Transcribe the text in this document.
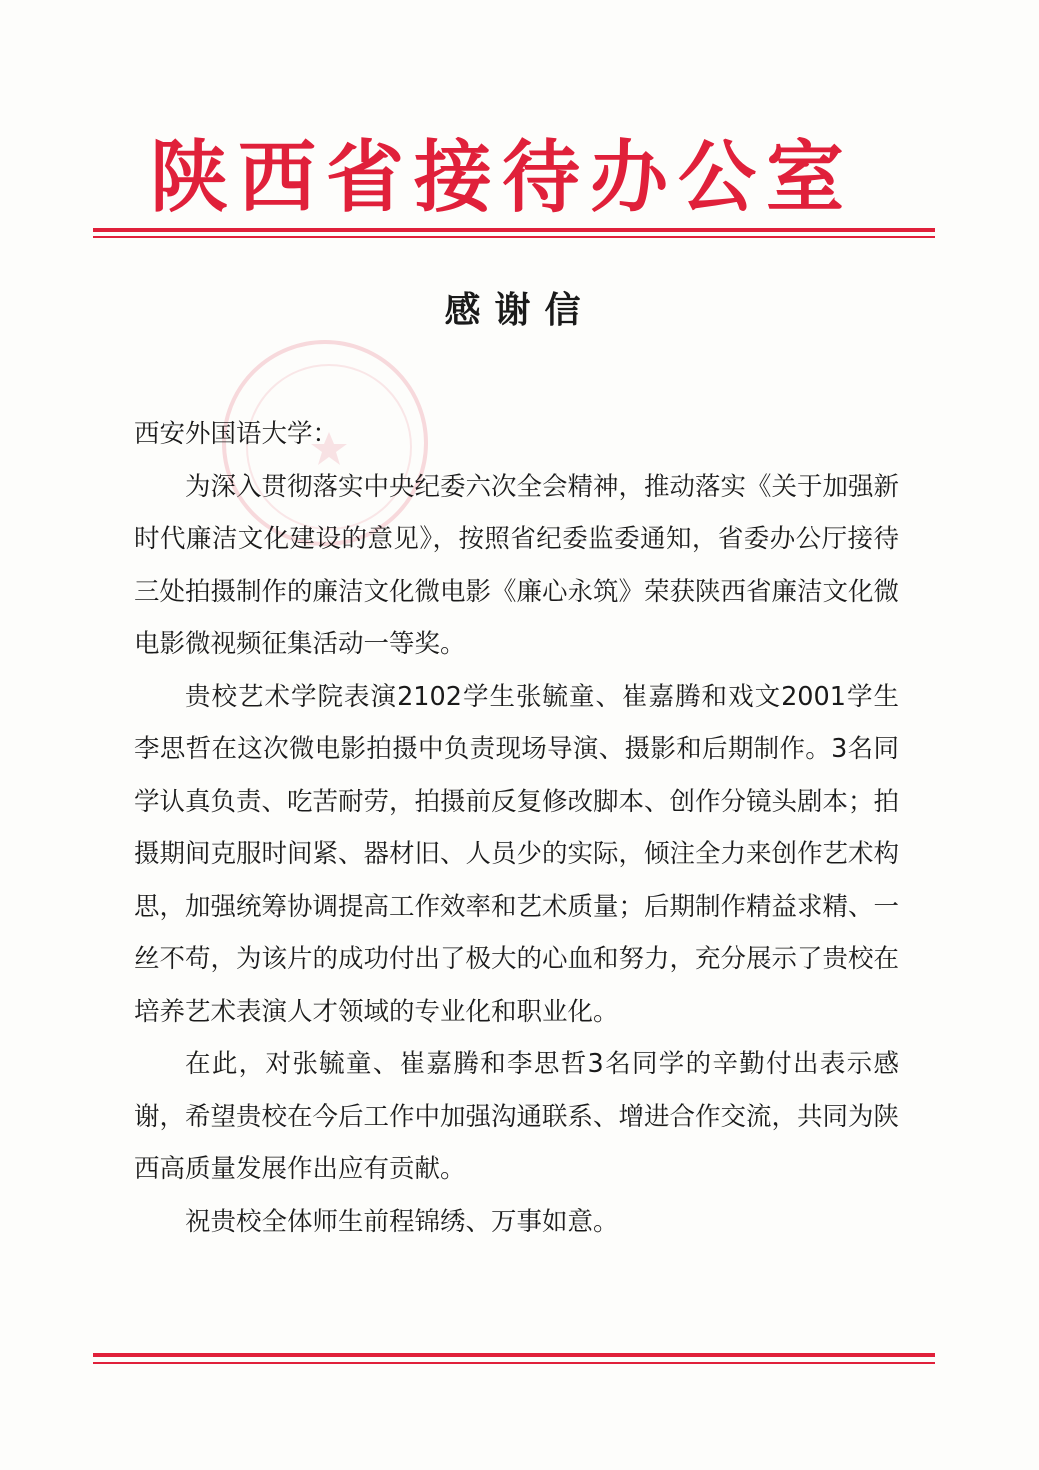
陕西省接待办公室
感谢信

西安外国语大学：

为深入贯彻落实中央纪委六次全会精神，推动落实《关于加强新时代廉洁文化建设的意见》，按照省纪委监委通知，省委办公厅接待三处拍摄制作的廉洁文化微电影《廉心永筑》荣获陕西省廉洁文化微电影微视频征集活动一等奖。

贵校艺术学院表演2102学生张毓童、崔嘉腾和戏文2001学生李思哲在这次微电影拍摄中负责现场导演、摄影和后期制作。3名同学认真负责、吃苦耐劳，拍摄前反复修改脚本、创作分镜头剧本；拍摄期间克服时间紧、器材旧、人员少的实际，倾注全力来创作艺术构思，加强统筹协调提高工作效率和艺术质量；后期制作精益求精、一丝不苟，为该片的成功付出了极大的心血和努力，充分展示了贵校在培养艺术表演人才领域的专业化和职业化。

在此，对张毓童、崔嘉腾和李思哲3名同学的辛勤付出表示感谢，希望贵校在今后工作中加强沟通联系、增进合作交流，共同为陕西高质量发展作出应有贡献。

祝贵校全体师生前程锦绣、万事如意。
